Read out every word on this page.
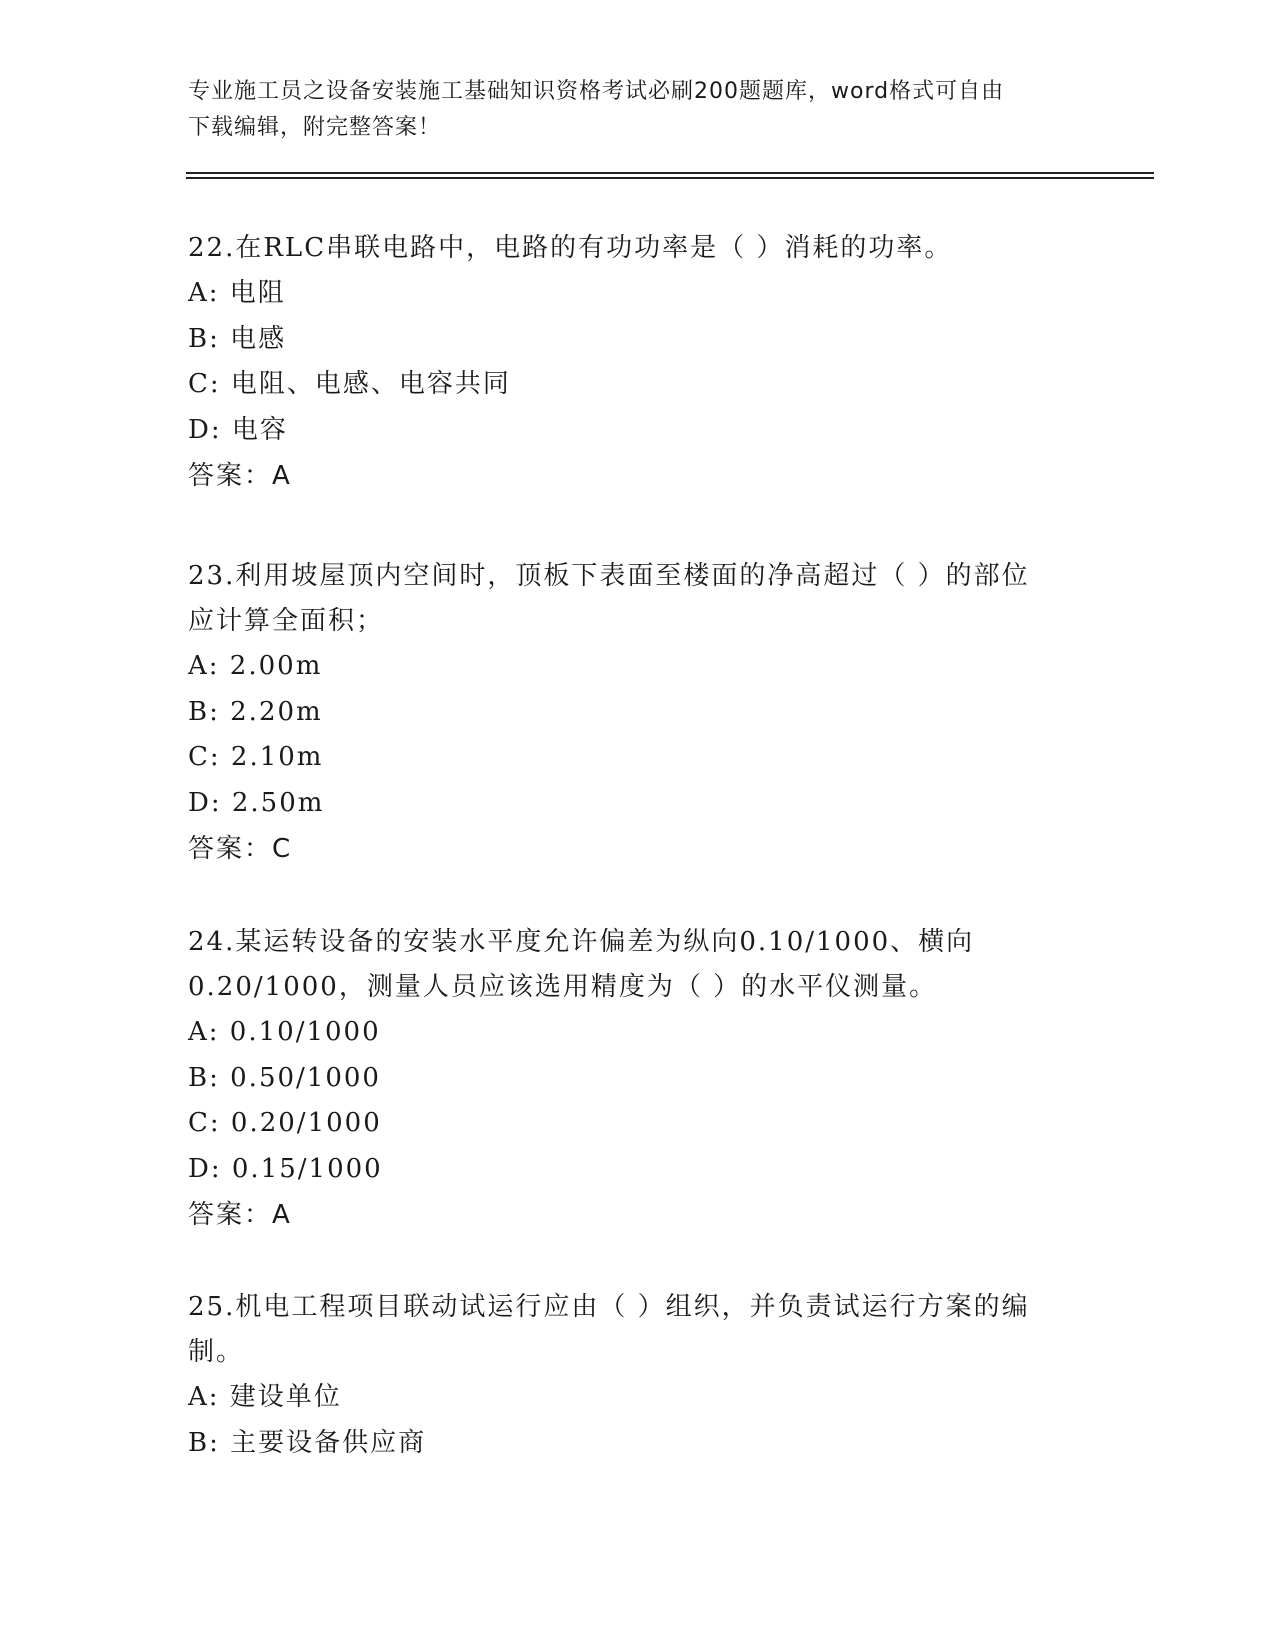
专业施工员之设备安装施工基础知识资格考试必刷200题题库，word格式可自由
下载编辑，附完整答案！
22.在RLC串联电路中，电路的有功功率是（ ）消耗的功率。
A: 电阻
B: 电感
C: 电阻、电感、电容共同
D: 电容
答案：A
23.利用坡屋顶内空间时，顶板下表面至楼面的净高超过（ ）的部位
应计算全面积；
A: 2.00m
B: 2.20m
C: 2.10m
D: 2.50m
答案：C
24.某运转设备的安装水平度允许偏差为纵向0.10/1000、横向
0.20/1000，测量人员应该选用精度为（ ）的水平仪测量。
A: 0.10/1000
B: 0.50/1000
C: 0.20/1000
D: 0.15/1000
答案：A
25.机电工程项目联动试运行应由（ ）组织，并负责试运行方案的编
制。
A: 建设单位
B: 主要设备供应商
